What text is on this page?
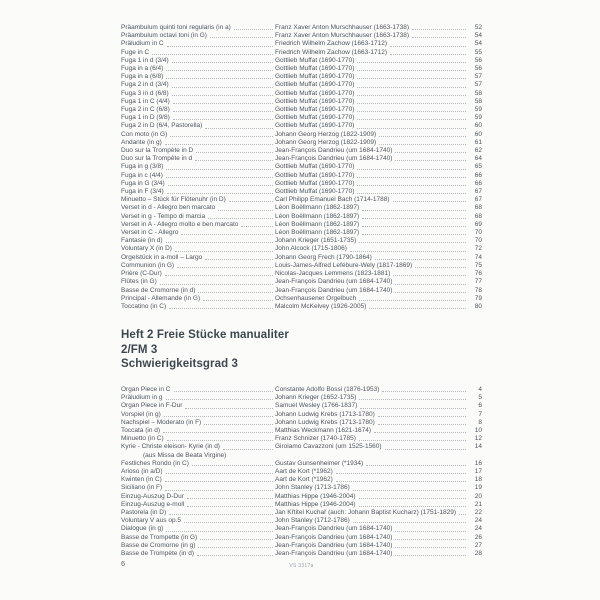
Präambulum quinti toni regularis (in a)	Franz Xaver Anton Murschhauser (1663-1738)	52
Präambulum octavi toni (in G)	Franz Xaver Anton Murschhauser (1663-1738)	54
Präludium in C	Friedrich Wilhelm Zachow (1663-1712)	54
Fuge in C	Friedrich Wilhelm Zachow (1663-1712)	55
Fuga 1 in d (3/4)	Gottlieb Muffat (1690-1770)	56
Fuga in a (6/4)	Gottlieb Muffat (1690-1770)	56
Fuga in a (6/8)	Gottlieb Muffat (1690-1770)	57
Fuga 2 in d (3/4)	Gottlieb Muffat (1690-1770)	57
Fuga 3 in d (6/8)	Gottlieb Muffat (1690-1770)	58
Fuga 1 in C (4/4)	Gottlieb Muffat (1690-1770)	58
Fuga 2 in C (6/8)	Gottlieb Muffat (1690-1770)	59
Fuga 1 in D (9/8)	Gottlieb Muffat (1690-1770)	59
Fuga 2 in D (6/4, Pastorella)	Gottlieb Muffat (1690-1770)	60
Con moto (in G)	Johann Georg Herzog (1822-1909)	60
Andante (in g)	Johann Georg Herzog (1822-1909)	61
Duo sur la Trompète in D	Jean-François Dandrieu (um 1684-1740)	62
Duo sur la Trompète in d	Jean-François Dandrieu (um 1684-1740)	64
Fuga in g (3/8)	Gottlieb Muffat (1690-1770)	65
Fuga in c (4/4)	Gottlieb Muffat (1690-1770)	66
Fuga in G (3/4)	Gottlieb Muffat (1690-1770)	66
Fuga in F (3/4)	Gottlieb Muffat (1690-1770)	67
Minuetto – Stück für Flötenuhr (in D)	Carl Philipp Emanuel Bach (1714-1788)	67
Verset in d - Allegro ben marcato	Léon Boëllmann (1862-1897)	68
Verset in g - Tempo di marcia	Léon Boëllmann (1862-1897)	68
Verset in A - Allegro molto e ben marcato	Léon Boëllmann (1862-1897)	69
Verset in C - Allegro	Léon Boëllmann (1862-1897)	70
Fantasie (in d)	Johann Krieger (1651-1735)	70
Voluntary X (in D)	John Alcock (1715-1806)	72
Orgelstück in a-moll – Largo	Johann Georg Frech (1790-1864)	74
Communion (in G)	Louis-James-Alfred Lefébure-Wely (1817-1869)	75
Prière (C-Dur)	Nicolas-Jacques Lemmens (1823-1881)	76
Flûtes (in G)	Jean-François Dandrieu (um 1684-1740)	77
Basse de Cromorne (in d)	Jean-François Dandrieu (um 1684-1740)	78
Principal - Allemande (in G)	Ochsenhausener Orgelbuch	79
Toccatino (in C)	Malcolm McKelvey (1926-2005)	80
Heft 2 Freie Stücke manualiter
2/FM 3
Schwierigkeitsgrad 3
Organ Piece in C	Constante Adolfo Bossi (1876-1953)	4
Präludium in g	Johann Krieger (1652-1735)	5
Organ Piece in F-Dur	Samuel Wesley (1766-1837)	6
Vorspiel (in g)	Johann Ludwig Krebs (1713-1780)	7
Nachspiel – Moderato (in F)	Johann Ludwig Krebs (1713-1780)	8
Toccata (in d)	Matthias Weckmann (1621-1674)	10
Minuetto (in C)	Franz Schnizer (1740-1785)	12
Kyrie - Christe eleison- Kyrie (in d)	Girolamo Cavazzoni (um 1525-1560)	14
(aus Missa de Beata Virgine)
Festliches Rondo (in C)	Gustav Gunsenheimer (*1934)	16
Arioso (in a/D)	Aart de Kort (*1962)	17
Kwinten (in C)	Aart de Kort (*1962)	18
Siciliano (in F)	John Stanley (1713-1786)	19
Einzug-Auszug D-Dur	Matthias Hippe (1946-2004)	20
Einzug-Auszug e-moll	Matthias Hippe (1946-2004)	21
Pastorela (in D)	Jan Křtitel Kuchař (auch: Johann Baptist Kucharz) (1751-1829)	22
Voluntary V aus op.5	John Stanley (1712-1786)	24
Dialogue (in g)	Jean-François Dandrieu (um 1684-1740)	24
Basse de Trompette (in G)	Jean-François Dandrieu (um 1684-1740)	26
Basse de Cromorne (in g)	Jean-François Dandrieu (um 1684-1740)	27
Basse de Trompète (in d)	Jean-François Dandrieu (um 1684-1740)	28
6	VS 3317a
